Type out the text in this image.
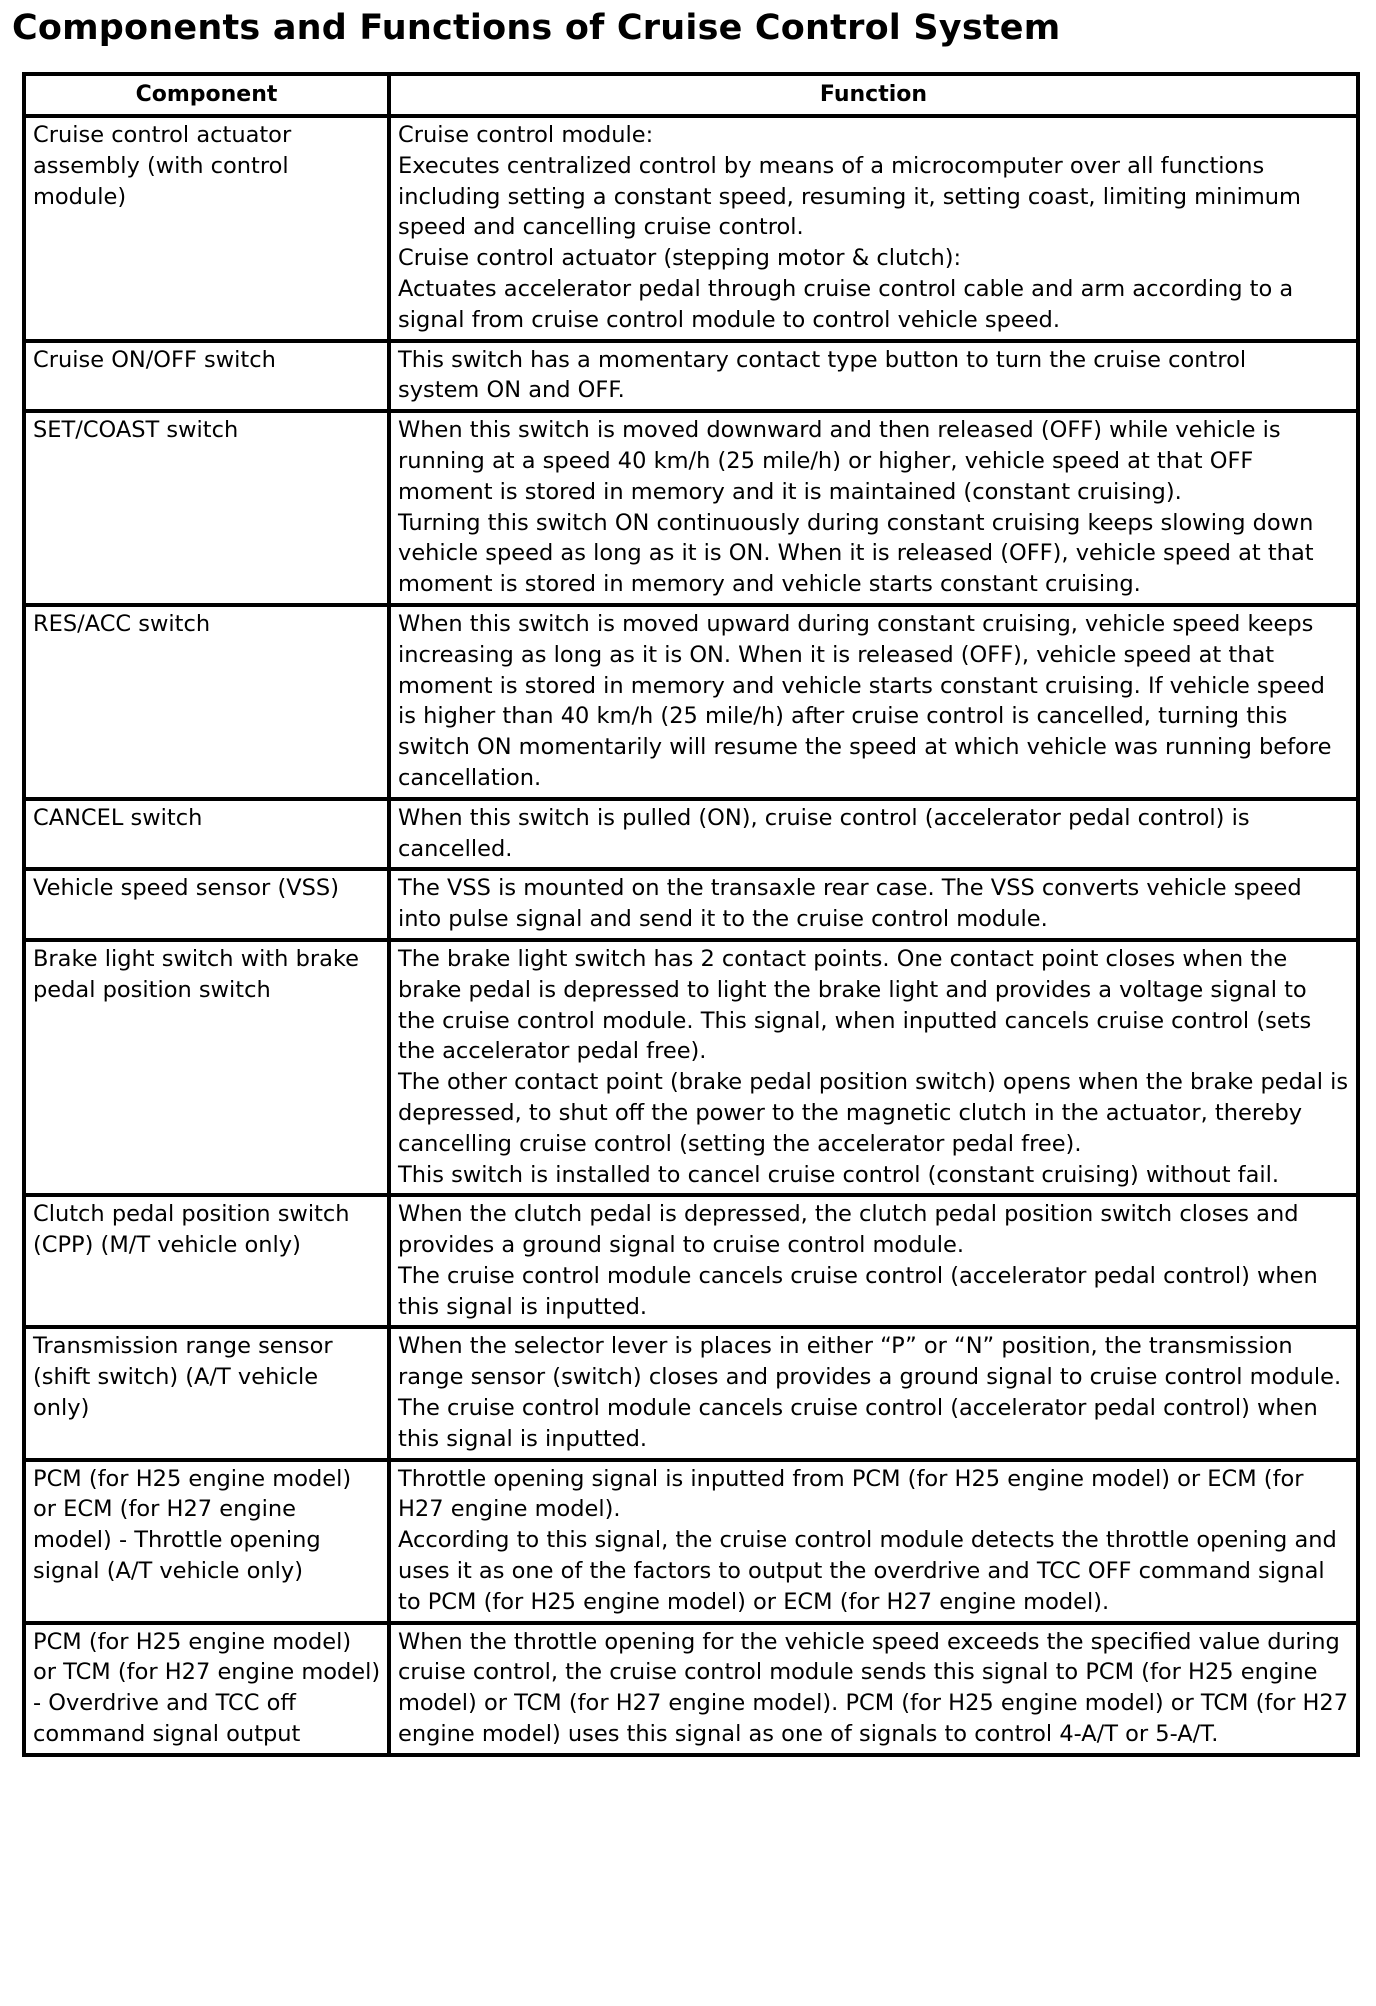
Components and Functions of Cruise Control System
Component	Function
Cruise control actuator assembly (with control module)	Cruise control module:
Executes centralized control by means of a microcomputer over all functions including setting a constant speed, resuming it, setting coast, limiting minimum speed and cancelling cruise control.
Cruise control actuator (stepping motor & clutch):
Actuates accelerator pedal through cruise control cable and arm according to a signal from cruise control module to control vehicle speed.

Cruise ON/OFF switch	This switch has a momentary contact type button to turn the cruise control
system ON and OFF.

SET/COAST switch	When this switch is moved downward and then released (OFF) while vehicle is running at a speed 40 km/h (25 mile/h) or higher, vehicle speed at that OFF moment is stored in memory and it is maintained (constant cruising).
Turning this switch ON continuously during constant cruising keeps slowing down vehicle speed as long as it is ON. When it is released (OFF), vehicle speed at that moment is stored in memory and vehicle starts constant cruising.

RES/ACC switch	When this switch is moved upward during constant cruising, vehicle speed keeps increasing as long as it is ON. When it is released (OFF), vehicle speed at that moment is stored in memory and vehicle starts constant cruising. If vehicle speed is higher than 40 km/h (25 mile/h) after cruise control is cancelled, turning this switch ON momentarily will resume the speed at which vehicle was running before cancellation.

CANCEL switch	When this switch is pulled (ON), cruise control (accelerator pedal control) is cancelled.

Vehicle speed sensor (VSS)	The VSS is mounted on the transaxle rear case. The VSS converts vehicle speed into pulse signal and send it to the cruise control module.

Brake light switch with brake pedal position switch	The brake light switch has 2 contact points. One contact point closes when the brake pedal is depressed to light the brake light and provides a voltage signal to the cruise control module. This signal, when inputted cancels cruise control (sets the accelerator pedal free).
The other contact point (brake pedal position switch) opens when the brake pedal is depressed, to shut off the power to the magnetic clutch in the actuator, thereby cancelling cruise control (setting the accelerator pedal free).
This switch is installed to cancel cruise control (constant cruising) without fail.

Clutch pedal position switch (CPP) (M/T vehicle only)	When the clutch pedal is depressed, the clutch pedal position switch closes and provides a ground signal to cruise control module.
The cruise control module cancels cruise control (accelerator pedal control) when this signal is inputted.

Transmission range sensor (shift switch) (A/T vehicle only)	When the selector lever is places in either “P” or “N” position, the transmission range sensor (switch) closes and provides a ground signal to cruise control module. The cruise control module cancels cruise control (accelerator pedal control) when this signal is inputted.

PCM (for H25 engine model) or ECM (for H27 engine model) - Throttle opening signal (A/T vehicle only)	Throttle opening signal is inputted from PCM (for H25 engine model) or ECM (for H27 engine model).
According to this signal, the cruise control module detects the throttle opening and uses it as one of the factors to output the overdrive and TCC OFF command signal to PCM (for H25 engine model) or ECM (for H27 engine model).

PCM (for H25 engine model) or TCM (for H27 engine model) - Overdrive and TCC off command signal output	When the throttle opening for the vehicle speed exceeds the specified value during cruise control, the cruise control module sends this signal to PCM (for H25 engine model) or TCM (for H27 engine model). PCM (for H25 engine model) or TCM (for H27 engine model) uses this signal as one of signals to control 4-A/T or 5-A/T.
